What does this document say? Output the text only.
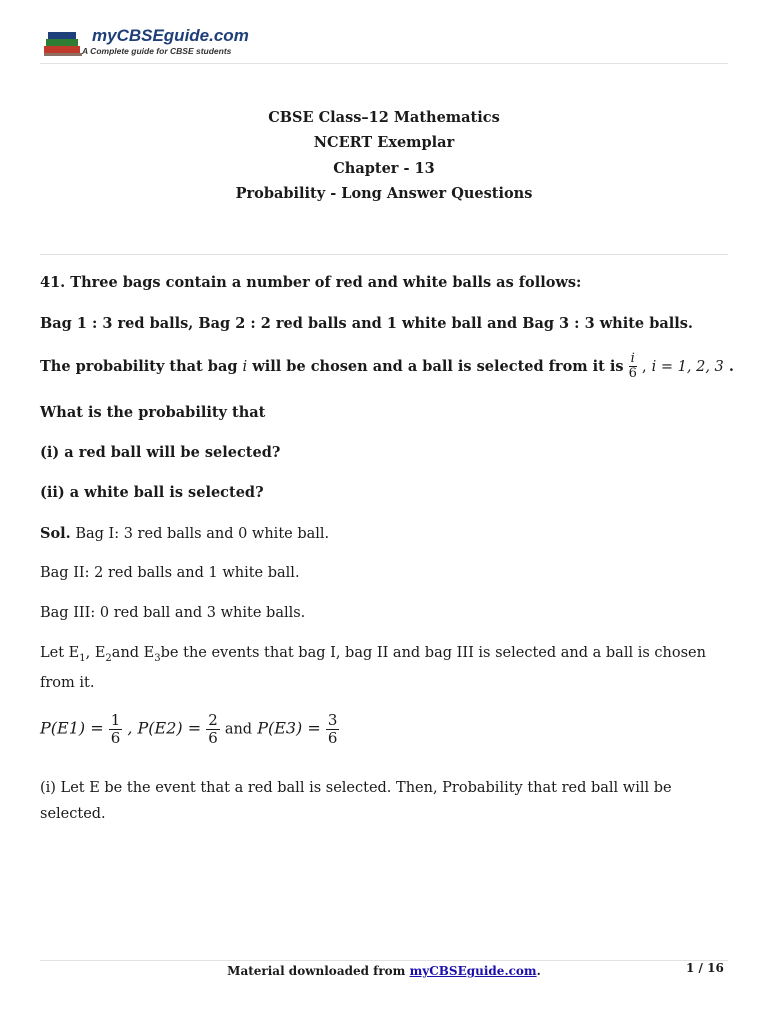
myCBSEguide.com
A Complete guide for CBSE students
CBSE Class–12 Mathematics
NCERT Exemplar
Chapter - 13
Probability - Long Answer Questions
41. Three bags contain a number of red and white balls as follows:
Bag 1 : 3 red balls, Bag 2 : 2 red balls and 1 white ball and Bag 3 : 3 white balls.
The probability that bag i will be chosen and a ball is selected from it is $\frac{i}{6}$ , i = 1, 2, 3 .
What is the probability that
(i) a red ball will be selected?
(ii) a white ball is selected?
Sol. Bag I: 3 red balls and 0 white ball.
Bag II: 2 red balls and 1 white ball.
Bag III: 0 red ball and 3 white balls.
Let $E_1$, $E_2and$ $E_3be$ the events that bag I, bag II and bag III is selected and a ball is chosen
from it.
$P(E1) = \frac{1}{6}$ , $P(E2) = \frac{2}{6}$ and $P(E3) = \frac{3}{6}$
(i) Let E be the event that a red ball is selected. Then, Probability that red ball will be
selected.
Material downloaded from myCBSEguide.com.	1 / 16
